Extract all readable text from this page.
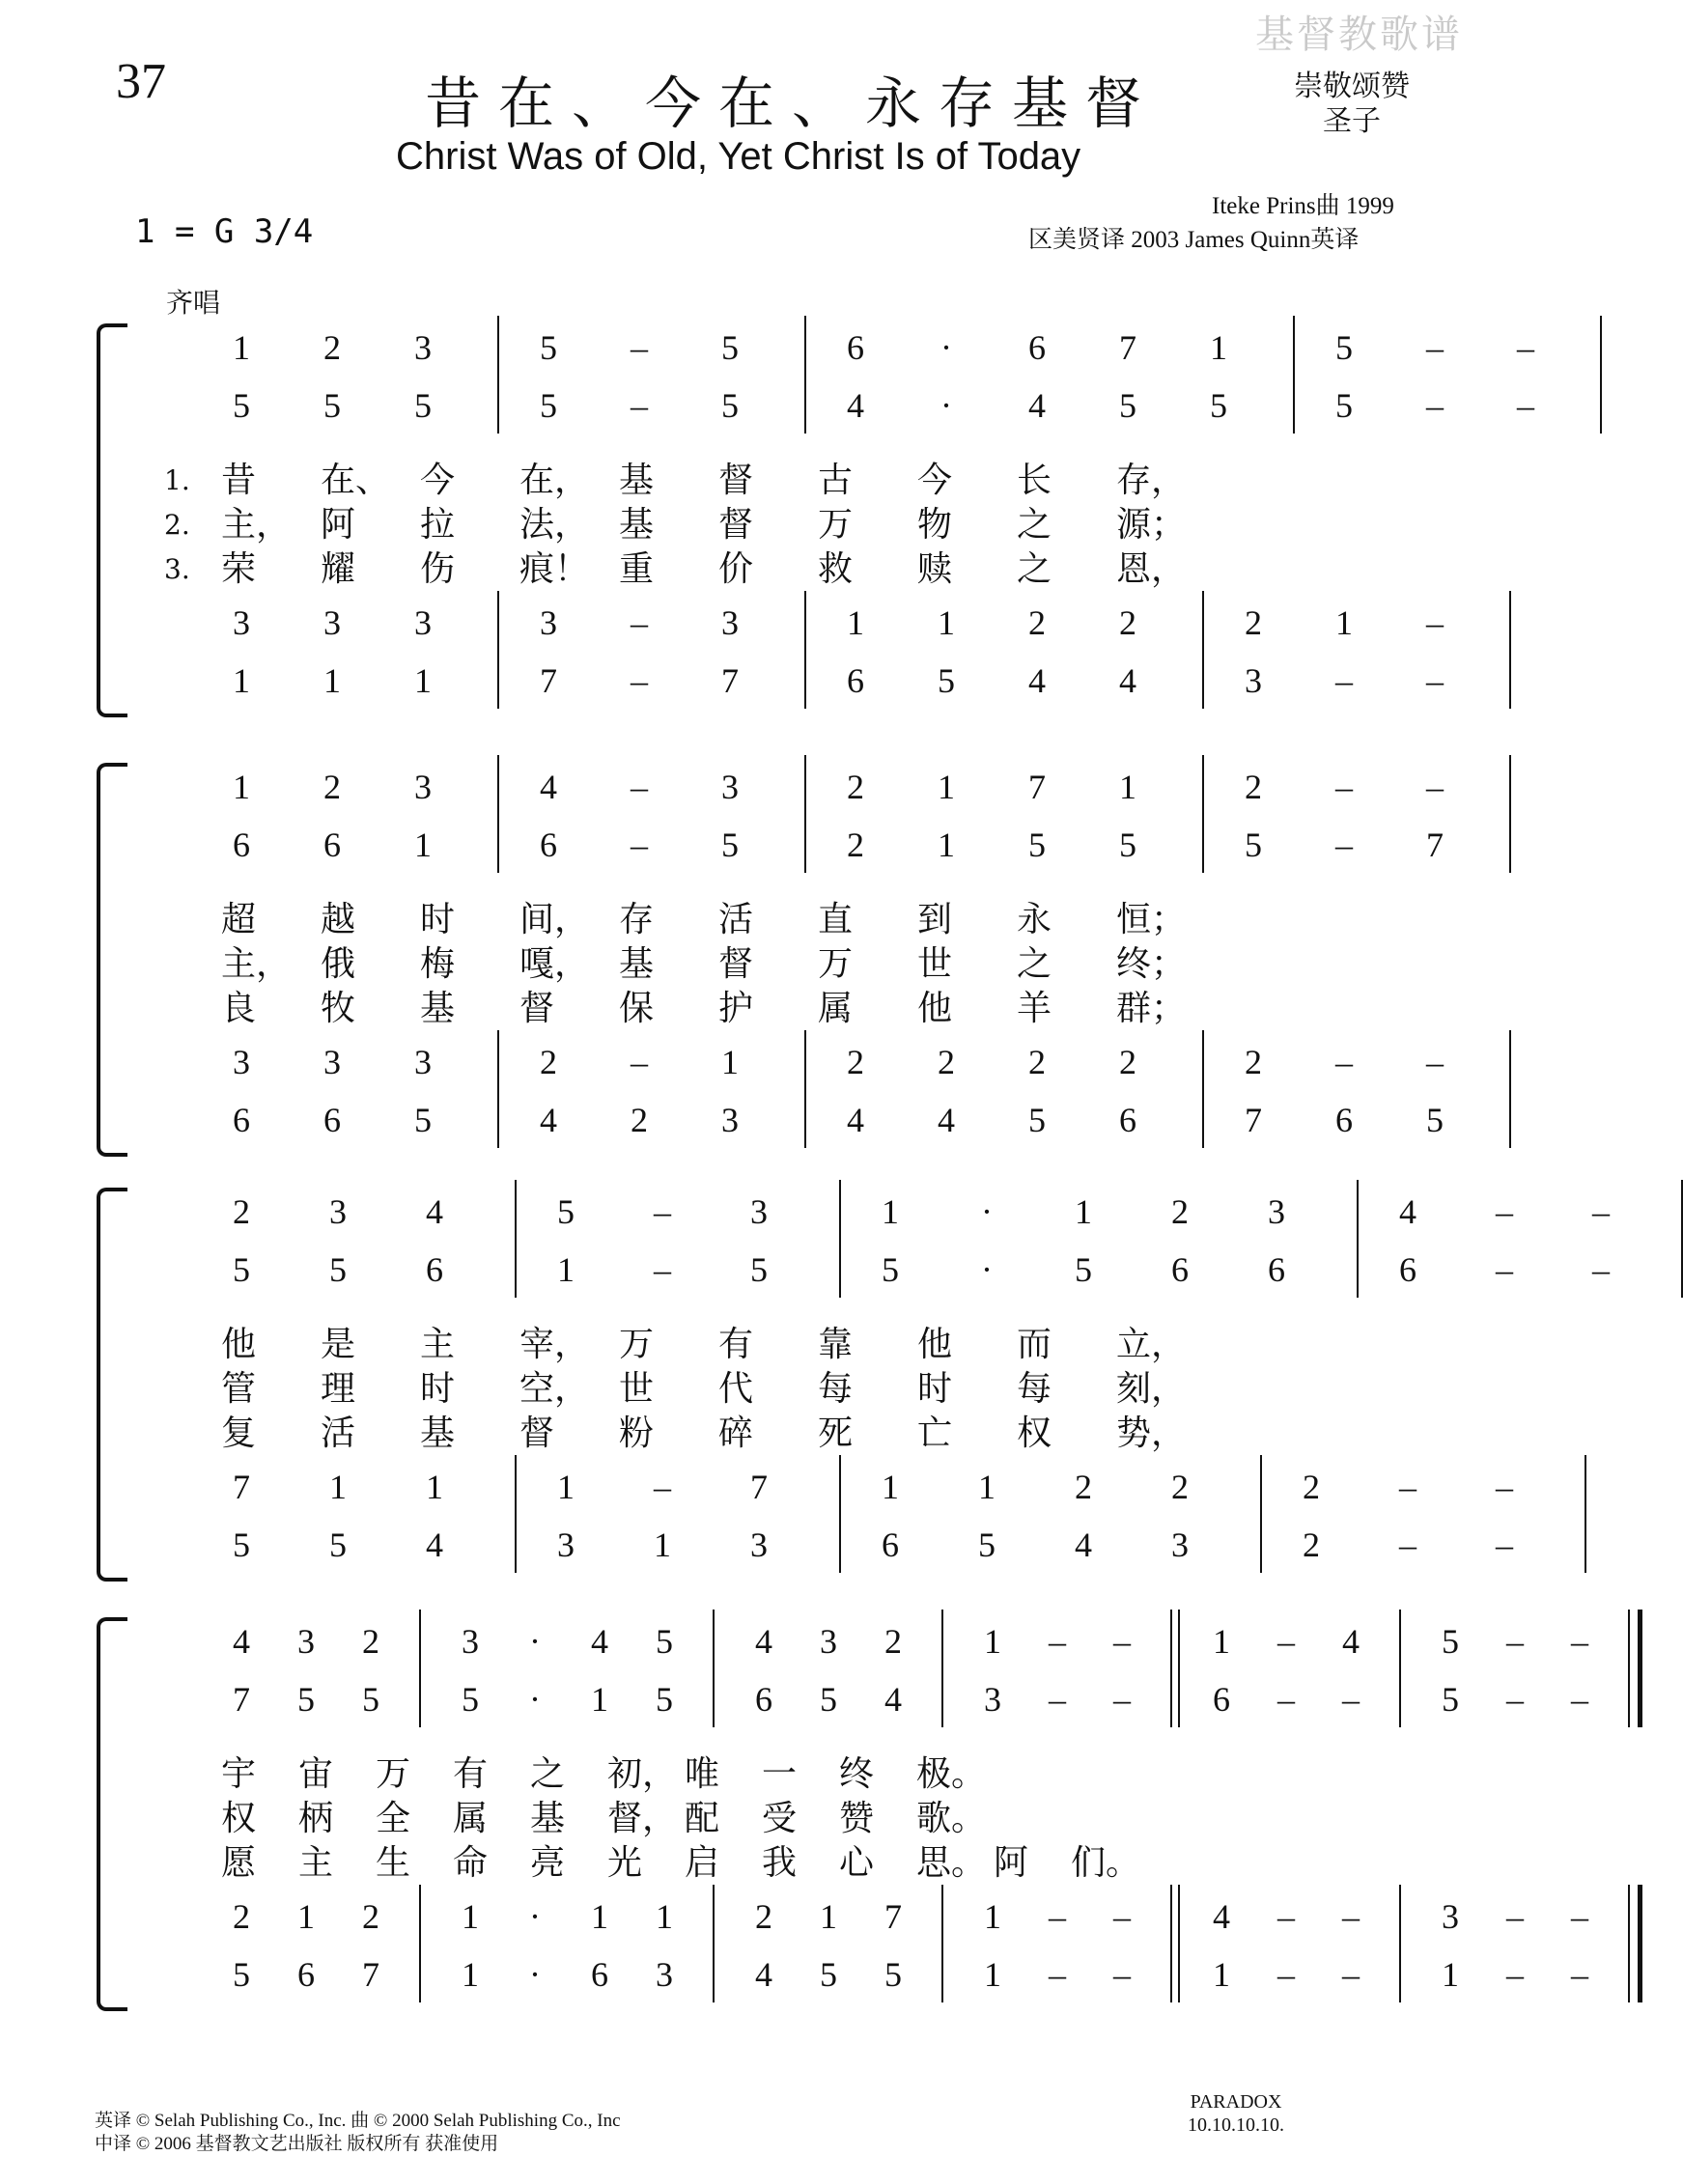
37	昔在、今在、永存基督
Christ Was of Old, Yet Christ Is of Today
基督教歌谱
崇敬颂赞
圣子
1 = G 3/4
Iteke Prins曲 1999
区美贤译 2003 James Quinn英译
齐唱
1	2	3	5	–	5	6	·	6	7	1	5	–	–
5	5	5	5	–	5	4	·	4	5	5	5	–	–
3	3	3	3	–	3	1	1	2	2	2	1	–
1	1	1	7	–	7	6	5	4	4	3	–	–
1. 昔 在、 今 在， 基 督 古 今 长 存，
2. 主， 阿 拉 法， 基 督 万 物 之 源；
3. 荣 耀 伤 痕！ 重 价 救 赎 之 恩，
1	2	3	4	–	3	2	1	7	1	2	–	–
6	6	1	6	–	5	2	1	5	5	5	–	7
3	3	3	2	–	1	2	2	2	2	2	–	–
6	6	5	4	2	3	4	4	5	6	7	6	5
超 越 时 间， 存 活 直 到 永 恒；
主， 俄 梅 嘎， 基 督 万 世 之 终；
良 牧 基 督 保 护 属 他 羊 群；
2	3	4	5	–	3	1	·	1	2	3	4	–	–
5	5	6	1	–	5	5	·	5	6	6	6	–	–
7	1	1	1	–	7	1	1	2	2	2	–	–
5	5	4	3	1	3	6	5	4	3	2	–	–
他 是 主 宰， 万 有 靠 他 而 立，
管 理 时 空， 世 代 每 时 每 刻，
复 活 基 督 粉 碎 死 亡 权 势，
4	3	2	3	·	4	5	4	3	2	1	–	–	1	–	4	5	–	–
7	5	5	5	·	1	5	6	5	4	3	–	–	6	–	–	5	–	–
2	1	2	1	·	1	1	2	1	7	1	–	–	4	–	–	3	–	–
5	6	7	1	·	6	3	4	5	5	1	–	–	1	–	–	1	–	–
宇 宙 万 有 之 初， 唯 一 终 极。
权 柄 全 属 基 督， 配 受 赞 歌。
愿 主 生 命 亮 光 启 我 心 思。 阿 们。
英译 © Selah Publishing Co., Inc. 曲 © 2000 Selah Publishing Co., Inc
中译 © 2006 基督教文艺出版社 版权所有 获准使用
PARADOX
10.10.10.10.
